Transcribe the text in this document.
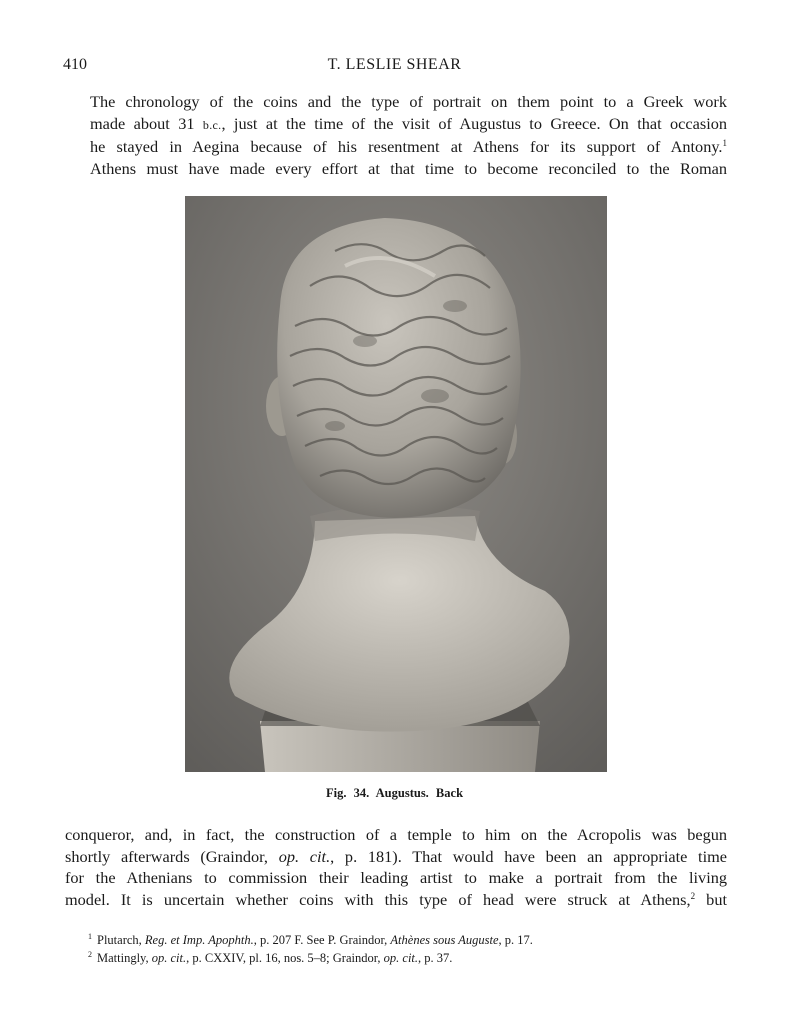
410	T. LESLIE SHEAR

The chronology of the coins and the type of portrait on them point to a Greek work
made about 31 b.c., just at the time of the visit of Augustus to Greece. On that occasion
he stayed in Aegina because of his resentment at Athens for its support of Antony.$^1$
Athens must have made every effort at that time to become reconciled to the Roman

Fig. 34. Augustus. Back

conqueror, and, in fact, the construction of a temple to him on the Acropolis was begun
shortly afterwards (Graindor, op. cit., p. 181). That would have been an appropriate time
for the Athenians to commission their leading artist to make a portrait from the living
model. It is uncertain whether coins with this type of head were struck at Athens,$^2$ but

$^1$ Plutarch, Reg. et Imp. Apophth., p. 207 F. See P. Graindor, Athènes sous Auguste, p. 17.
$^2$ Mattingly, op. cit., p. CXXIV, pl. 16, nos. 5–8; Graindor, op. cit., p. 37.
